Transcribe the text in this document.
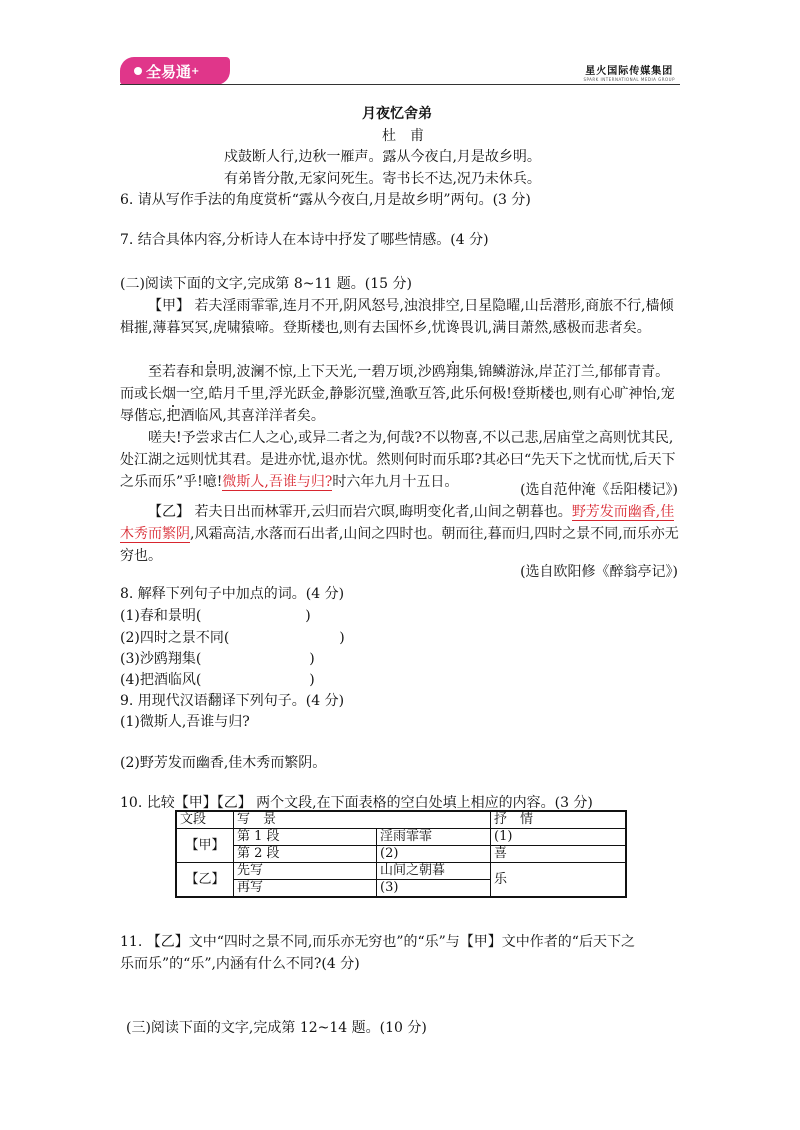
全易通 +	星火国际传媒集团
SPARK INTERNATIONAL MEDIA GROUP
月夜忆舍弟
杜　甫
戍鼓断人行,边秋一雁声。露从今夜白,月是故乡明。
有弟皆分散,无家问死生。寄书长不达,况乃未休兵。
6. 请从写作手法的角度赏析“露从今夜白,月是故乡明”两句。(3 分)
7. 结合具体内容,分析诗人在本诗中抒发了哪些情感。(4 分)
(二)阅读下面的文字,完成第 8~11 题。(15 分)
【甲】 若夫淫雨霏霏,连月不开,阴风怒号,浊浪排空,日星隐曜,山岳潜形,商旅不行,樯倾楫摧,薄暮冥冥,虎啸猿啼。登斯楼也,则有去国怀乡,忧谗畏讥,满目萧然,感极而悲者矣。
至若春和景明,波澜不惊,上下天光,一碧万顷,沙鸥翔集,锦鳞游泳,岸芷汀兰,郁郁青青。而或长烟一空,皓月千里,浮光跃金,静影沉璧,渔歌互答,此乐何极!登斯楼也,则有心旷神怡,宠辱偕忘,把酒临风,其喜洋洋者矣。
嗟夫!予尝求古仁人之心,或异二者之为,何哉?不以物喜,不以己悲,居庙堂之高则忧其民,处江湖之远则忧其君。是进亦忧,退亦忧。然则何时而乐耶?其必曰“先天下之忧而忧,后天下之乐而乐”乎!噫!微斯人,吾谁与归?时六年九月十五日。	(选自范仲淹《岳阳楼记》)
【乙】 若夫日出而林霏开,云归而岩穴暝,晦明变化者,山间之朝暮也。野芳发而幽香,佳木秀而繁阴,风霜高洁,水落而石出者,山间之四时也。朝而往,暮而归,四时之景不同,而乐亦无穷也。
(选自欧阳修《醉翁亭记》)
8. 解释下列句子中加点的词。(4 分)
(1)春和景明(	)
(2)四时之景不同(	)
(3)沙鸥翔集(	)
(4)把酒临风(	)
9. 用现代汉语翻译下列句子。(4 分)
(1)微斯人,吾谁与归?
(2)野芳发而幽香,佳木秀而繁阴。
10. 比较【甲】【乙】 两个文段,在下面表格的空白处填上相应的内容。(3 分)
文段	写　景		抒　情
【甲】	第 1 段	淫雨霏霏	(1)
	第 2 段	(2)	喜
【乙】	先写	山间之朝暮	乐
	再写	(3)	
11. 【乙】文中“四时之景不同,而乐亦无穷也”的“乐”与【甲】文中作者的“后天下之
乐而乐”的“乐”,内涵有什么不同?(4 分)
(三)阅读下面的文字,完成第 12~14 题。(10 分)
